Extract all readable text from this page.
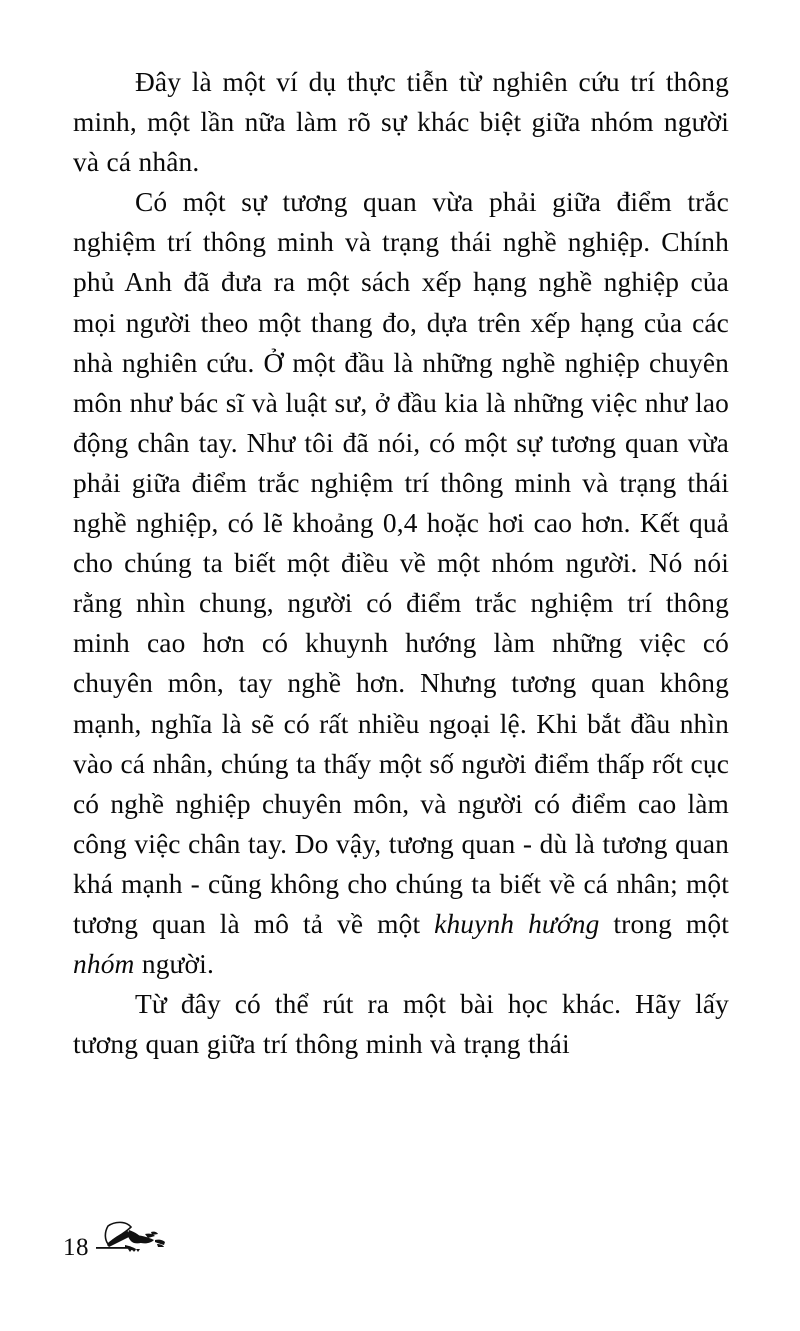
Đây là một ví dụ thực tiễn từ nghiên cứu trí thông minh, một lần nữa làm rõ sự khác biệt giữa nhóm người và cá nhân.

Có một sự tương quan vừa phải giữa điểm trắc nghiệm trí thông minh và trạng thái nghề nghiệp. Chính phủ Anh đã đưa ra một sách xếp hạng nghề nghiệp của mọi người theo một thang đo, dựa trên xếp hạng của các nhà nghiên cứu. Ở một đầu là những nghề nghiệp chuyên môn như bác sĩ và luật sư, ở đầu kia là những việc như lao động chân tay. Như tôi đã nói, có một sự tương quan vừa phải giữa điểm trắc nghiệm trí thông minh và trạng thái nghề nghiệp, có lẽ khoảng 0,4 hoặc hơi cao hơn. Kết quả cho chúng ta biết một điều về một nhóm người. Nó nói rằng nhìn chung, người có điểm trắc nghiệm trí thông minh cao hơn có khuynh hướng làm những việc có chuyên môn, tay nghề hơn. Nhưng tương quan không mạnh, nghĩa là sẽ có rất nhiều ngoại lệ. Khi bắt đầu nhìn vào cá nhân, chúng ta thấy một số người điểm thấp rốt cục có nghề nghiệp chuyên môn, và người có điểm cao làm công việc chân tay. Do vậy, tương quan - dù là tương quan khá mạnh - cũng không cho chúng ta biết về cá nhân; một tương quan là mô tả về một khuynh hướng trong một nhóm người.

Từ đây có thể rút ra một bài học khác. Hãy lấy tương quan giữa trí thông minh và trạng thái

18
